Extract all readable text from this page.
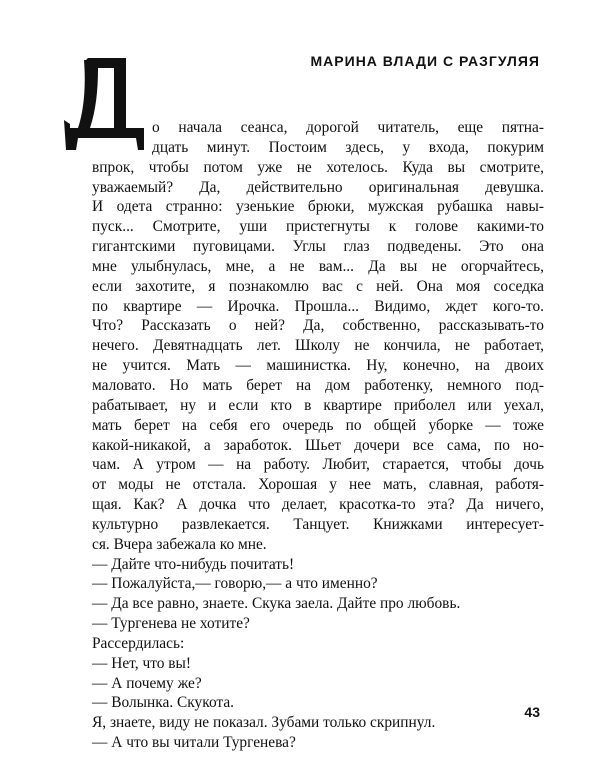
МАРИНА ВЛАДИ С РАЗГУЛЯЯ
о начала сеанса, дорогой читатель, еще пятна-
дцать минут. Постоим здесь, у входа, покурим
впрок, чтобы потом уже не хотелось. Куда вы смотрите,
уважаемый? Да, действительно оригинальная девушка.
И одета странно: узенькие брюки, мужская рубашка навы-
пуск... Смотрите, уши пристегнуты к голове какими-то
гигантскими пуговицами. Углы глаз подведены. Это она
мне улыбнулась, мне, а не вам... Да вы не огорчайтесь,
если захотите, я познакомлю вас с ней. Она моя соседка
по квартире — Ирочка. Прошла... Видимо, ждет кого-то.
Что? Рассказать о ней? Да, собственно, рассказывать-то
нечего. Девятнадцать лет. Школу не кончила, не работает,
не учится. Мать — машинистка. Ну, конечно, на двоих
маловато. Но мать берет на дом работенку, немного под-
рабатывает, ну и если кто в квартире приболел или уехал,
мать берет на себя его очередь по общей уборке — тоже
какой-никакой, а заработок. Шьет дочери все сама, по но-
чам. А утром — на работу. Любит, старается, чтобы дочь
от моды не отстала. Хорошая у нее мать, славная, работя-
щая. Как? А дочка что делает, красотка-то эта? Да ничего,
культурно развлекается. Танцует. Книжками интересует-
ся. Вчера забежала ко мне.
— Дайте что-нибудь почитать!
— Пожалуйста,— говорю,— а что именно?
— Да все равно, знаете. Скука заела. Дайте про любовь.
— Тургенева не хотите?
Рассердилась:
— Нет, что вы!
— А почему же?
— Волынка. Скукота.
Я, знаете, виду не показал. Зубами только скрипнул.
— А что вы читали Тургенева?
43
